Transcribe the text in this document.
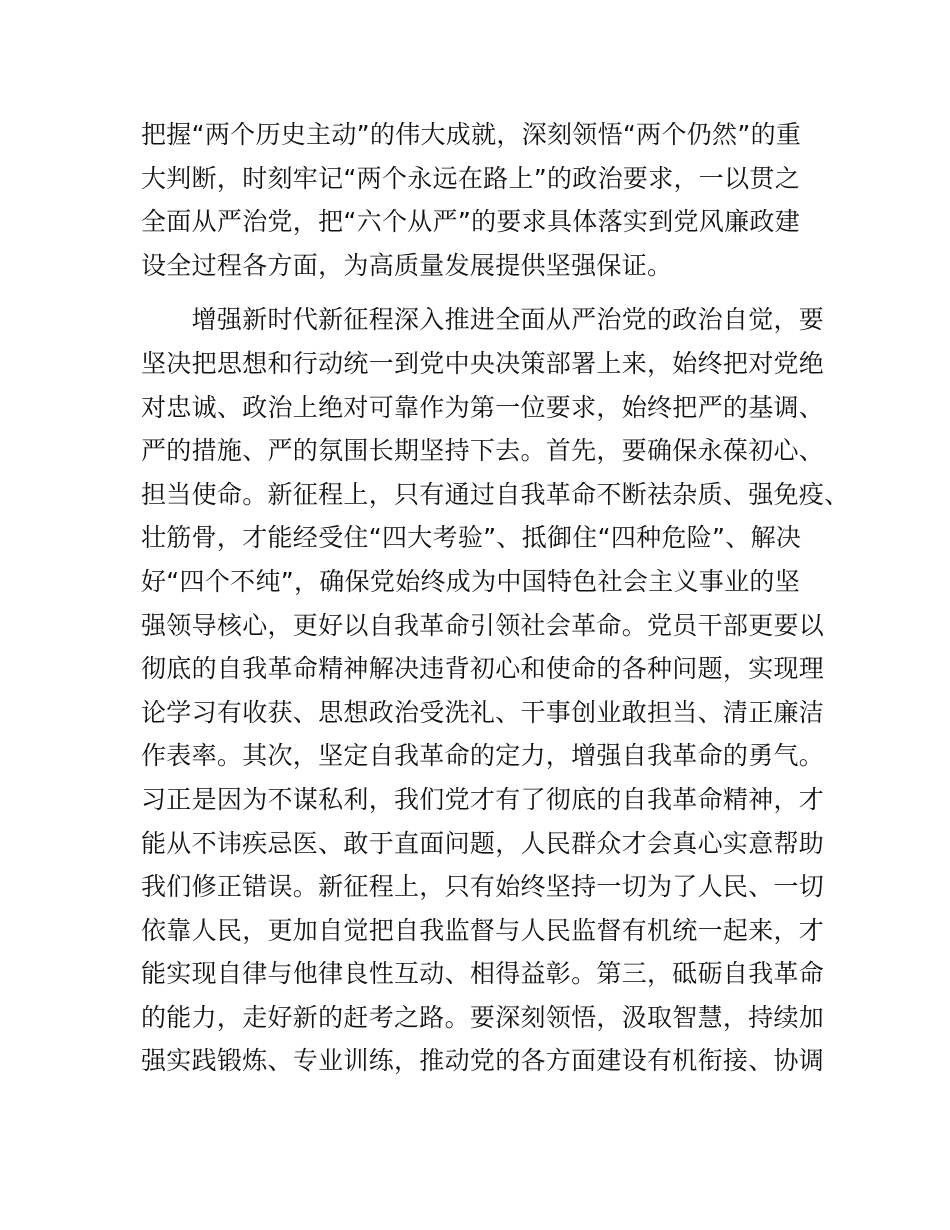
把握“两个历史主动”的伟大成就，深刻领悟“两个仍然”的重
大判断，时刻牢记“两个永远在路上”的政治要求，一以贯之
全面从严治党，把“六个从严”的要求具体落实到党风廉政建
设全过程各方面，为高质量发展提供坚强保证。

　　增强新时代新征程深入推进全面从严治党的政治自觉，要
坚决把思想和行动统一到党中央决策部署上来，始终把对党绝
对忠诚、政治上绝对可靠作为第一位要求，始终把严的基调、
严的措施、严的氛围长期坚持下去。首先，要确保永葆初心、
担当使命。新征程上，只有通过自我革命不断祛杂质、强免疫、
壮筋骨，才能经受住“四大考验”、抵御住“四种危险”、解决
好“四个不纯”，确保党始终成为中国特色社会主义事业的坚
强领导核心，更好以自我革命引领社会革命。党员干部更要以
彻底的自我革命精神解决违背初心和使命的各种问题，实现理
论学习有收获、思想政治受洗礼、干事创业敢担当、清正廉洁
作表率。其次，坚定自我革命的定力，增强自我革命的勇气。
习正是因为不谋私利，我们党才有了彻底的自我革命精神，才
能从不讳疾忌医、敢于直面问题，人民群众才会真心实意帮助
我们修正错误。新征程上，只有始终坚持一切为了人民、一切
依靠人民，更加自觉把自我监督与人民监督有机统一起来，才
能实现自律与他律良性互动、相得益彰。第三，砥砺自我革命
的能力，走好新的赶考之路。要深刻领悟，汲取智慧，持续加
强实践锻炼、专业训练，推动党的各方面建设有机衔接、协调
